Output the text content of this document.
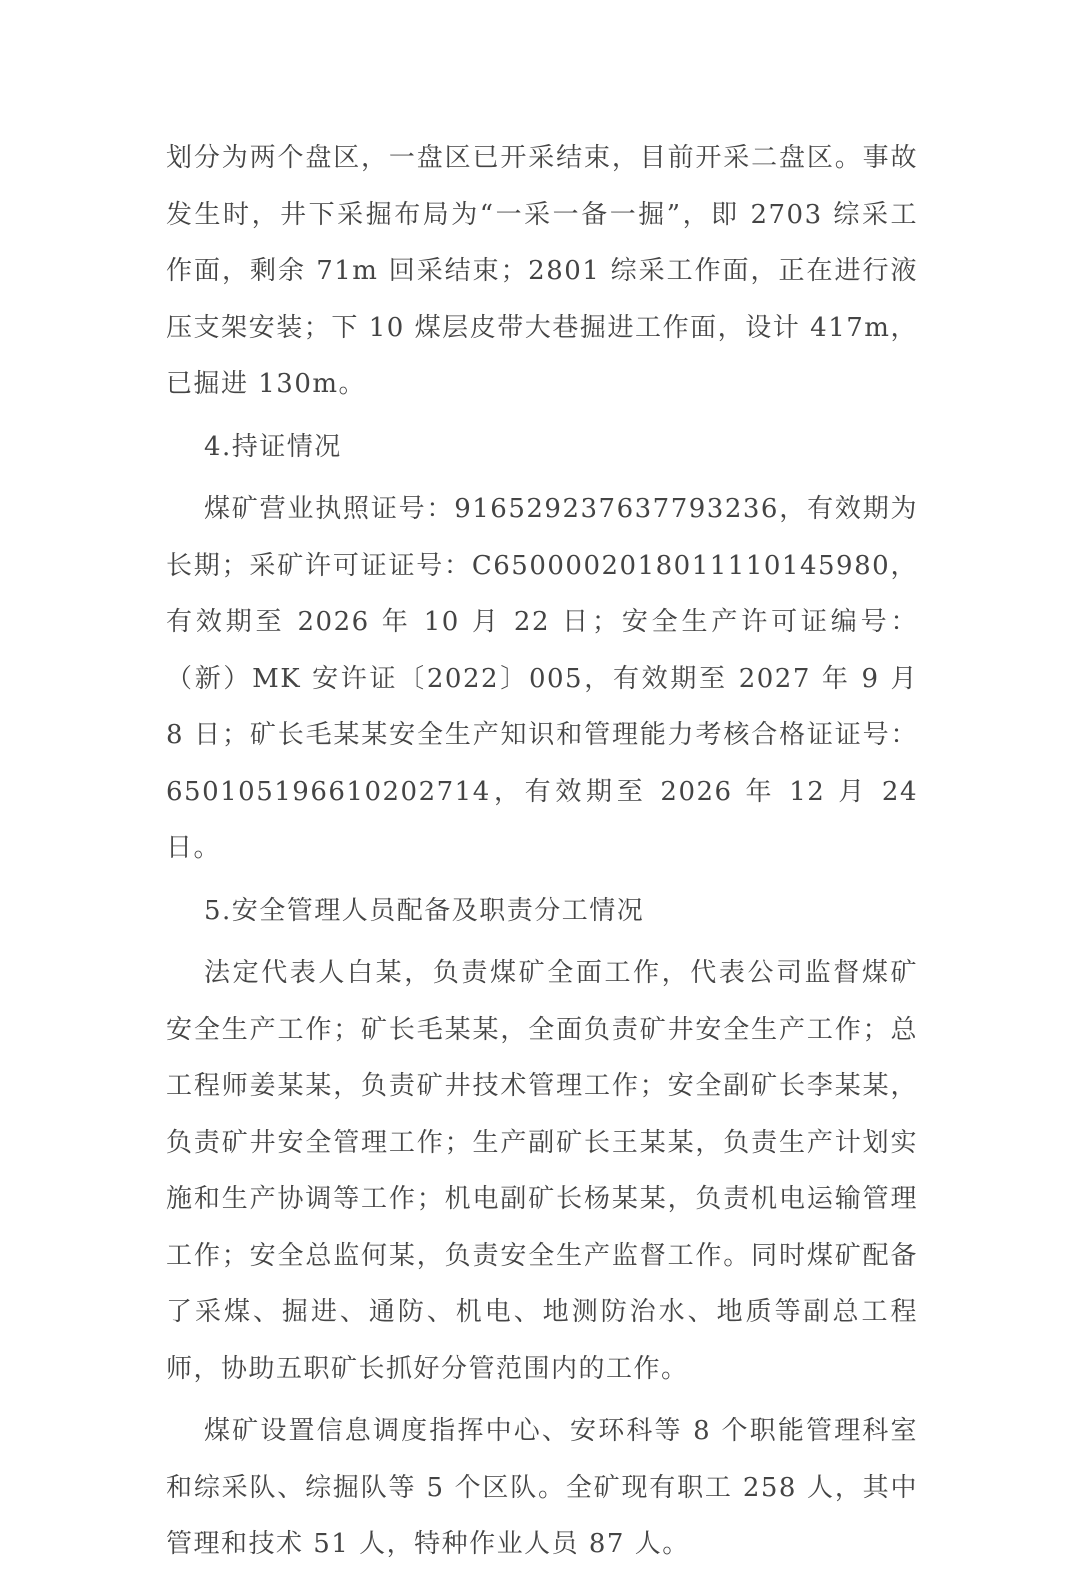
划分为两个盘区，一盘区已开采结束，目前开采二盘区。事故发生时，井下采掘布局为“一采一备一掘”，即 2703 综采工作面，剩余 71m 回采结束；2801 综采工作面，正在进行液压支架安装；下 10 煤层皮带大巷掘进工作面，设计 417m，已掘进 130m。

4.持证情况

煤矿营业执照证号：916529237637793236，有效期为长期；采矿许可证证号：C6500002018011110145980，有效期至 2026 年 10 月 22 日；安全生产许可证编号：（新）MK 安许证〔2022〕005，有效期至 2027 年 9 月 8 日；矿长毛某某安全生产知识和管理能力考核合格证证号：650105196610202714，有效期至 2026 年 12 月 24 日。

5.安全管理人员配备及职责分工情况

法定代表人白某，负责煤矿全面工作，代表公司监督煤矿安全生产工作；矿长毛某某，全面负责矿井安全生产工作；总工程师姜某某，负责矿井技术管理工作；安全副矿长李某某，负责矿井安全管理工作；生产副矿长王某某，负责生产计划实施和生产协调等工作；机电副矿长杨某某，负责机电运输管理工作；安全总监何某，负责安全生产监督工作。同时煤矿配备了采煤、掘进、通防、机电、地测防治水、地质等副总工程师，协助五职矿长抓好分管范围内的工作。

煤矿设置信息调度指挥中心、安环科等 8 个职能管理科室和综采队、综掘队等 5 个区队。全矿现有职工 258 人，其中管理和技术 51 人，特种作业人员 87 人。
